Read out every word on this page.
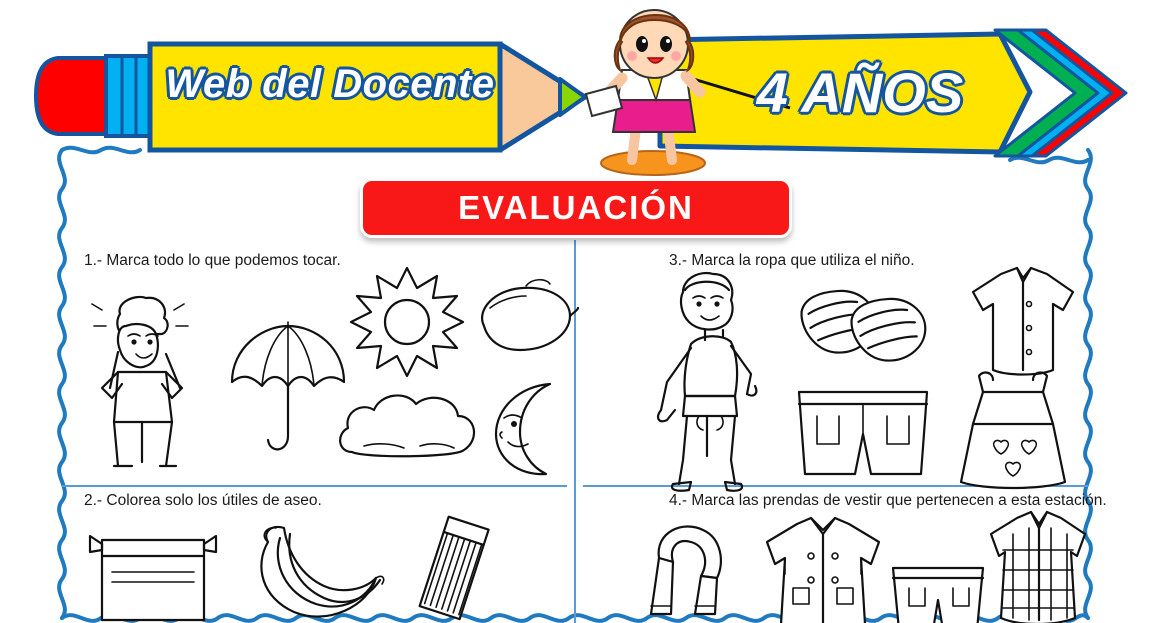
Web del Docente	4 AÑOS
EVALUACIÓN
1.- Marca todo lo que podemos tocar.
2.- Colorea solo los útiles de aseo.
3.- Marca la ropa que utiliza el niño.
4.- Marca las prendas de vestir que pertenecen a esta estación.
